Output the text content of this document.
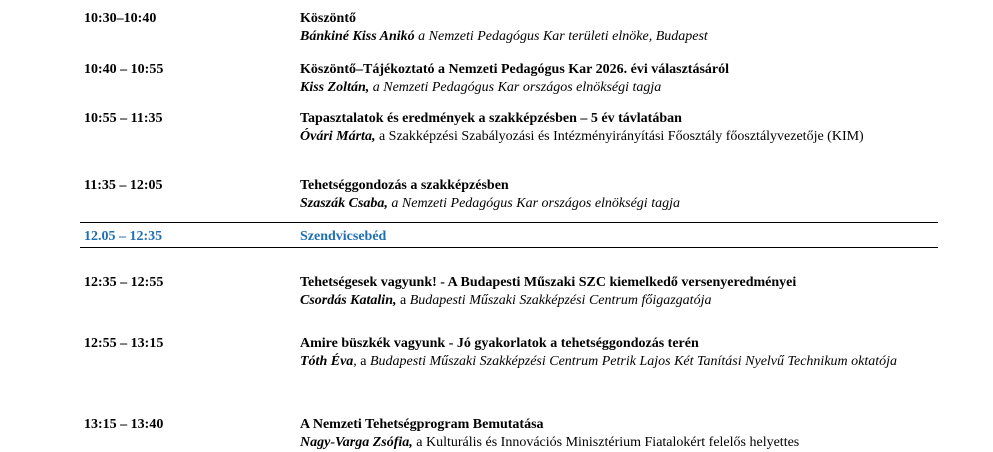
10:30–10:40	Köszöntő
Bánkiné Kiss Anikó a Nemzeti Pedagógus Kar területi elnöke, Budapest
10:40 – 10:55	Köszöntő–Tájékoztató a Nemzeti Pedagógus Kar 2026. évi választásáról
Kiss Zoltán, a Nemzeti Pedagógus Kar országos elnökségi tagja
10:55 – 11:35	Tapasztalatok és eredmények a szakképzésben – 5 év távlatában
Óvári Márta, a Szakképzési Szabályozási és Intézményirányítási Főosztály főosztályvezetője (KIM)
11:35 – 12:05	Tehetséggondozás a szakképzésben
Szaszák Csaba, a Nemzeti Pedagógus Kar országos elnökségi tagja
12.05 – 12:35	Szendvicsebéd
12:35 – 12:55	Tehetségesek vagyunk! - A Budapesti Műszaki SZC kiemelkedő versenyeredményei
Csordás Katalin, a Budapesti Műszaki Szakképzési Centrum főigazgatója
12:55 – 13:15	Amire büszkék vagyunk - Jó gyakorlatok a tehetséggondozás terén
Tóth Éva, a Budapesti Műszaki Szakképzési Centrum Petrik Lajos Két Tanítási Nyelvű Technikum oktatója
13:15 – 13:40	A Nemzeti Tehetségprogram Bemutatása
Nagy-Varga Zsófia, a Kulturális és Innovációs Minisztérium Fiatalokért felelős helyettes
